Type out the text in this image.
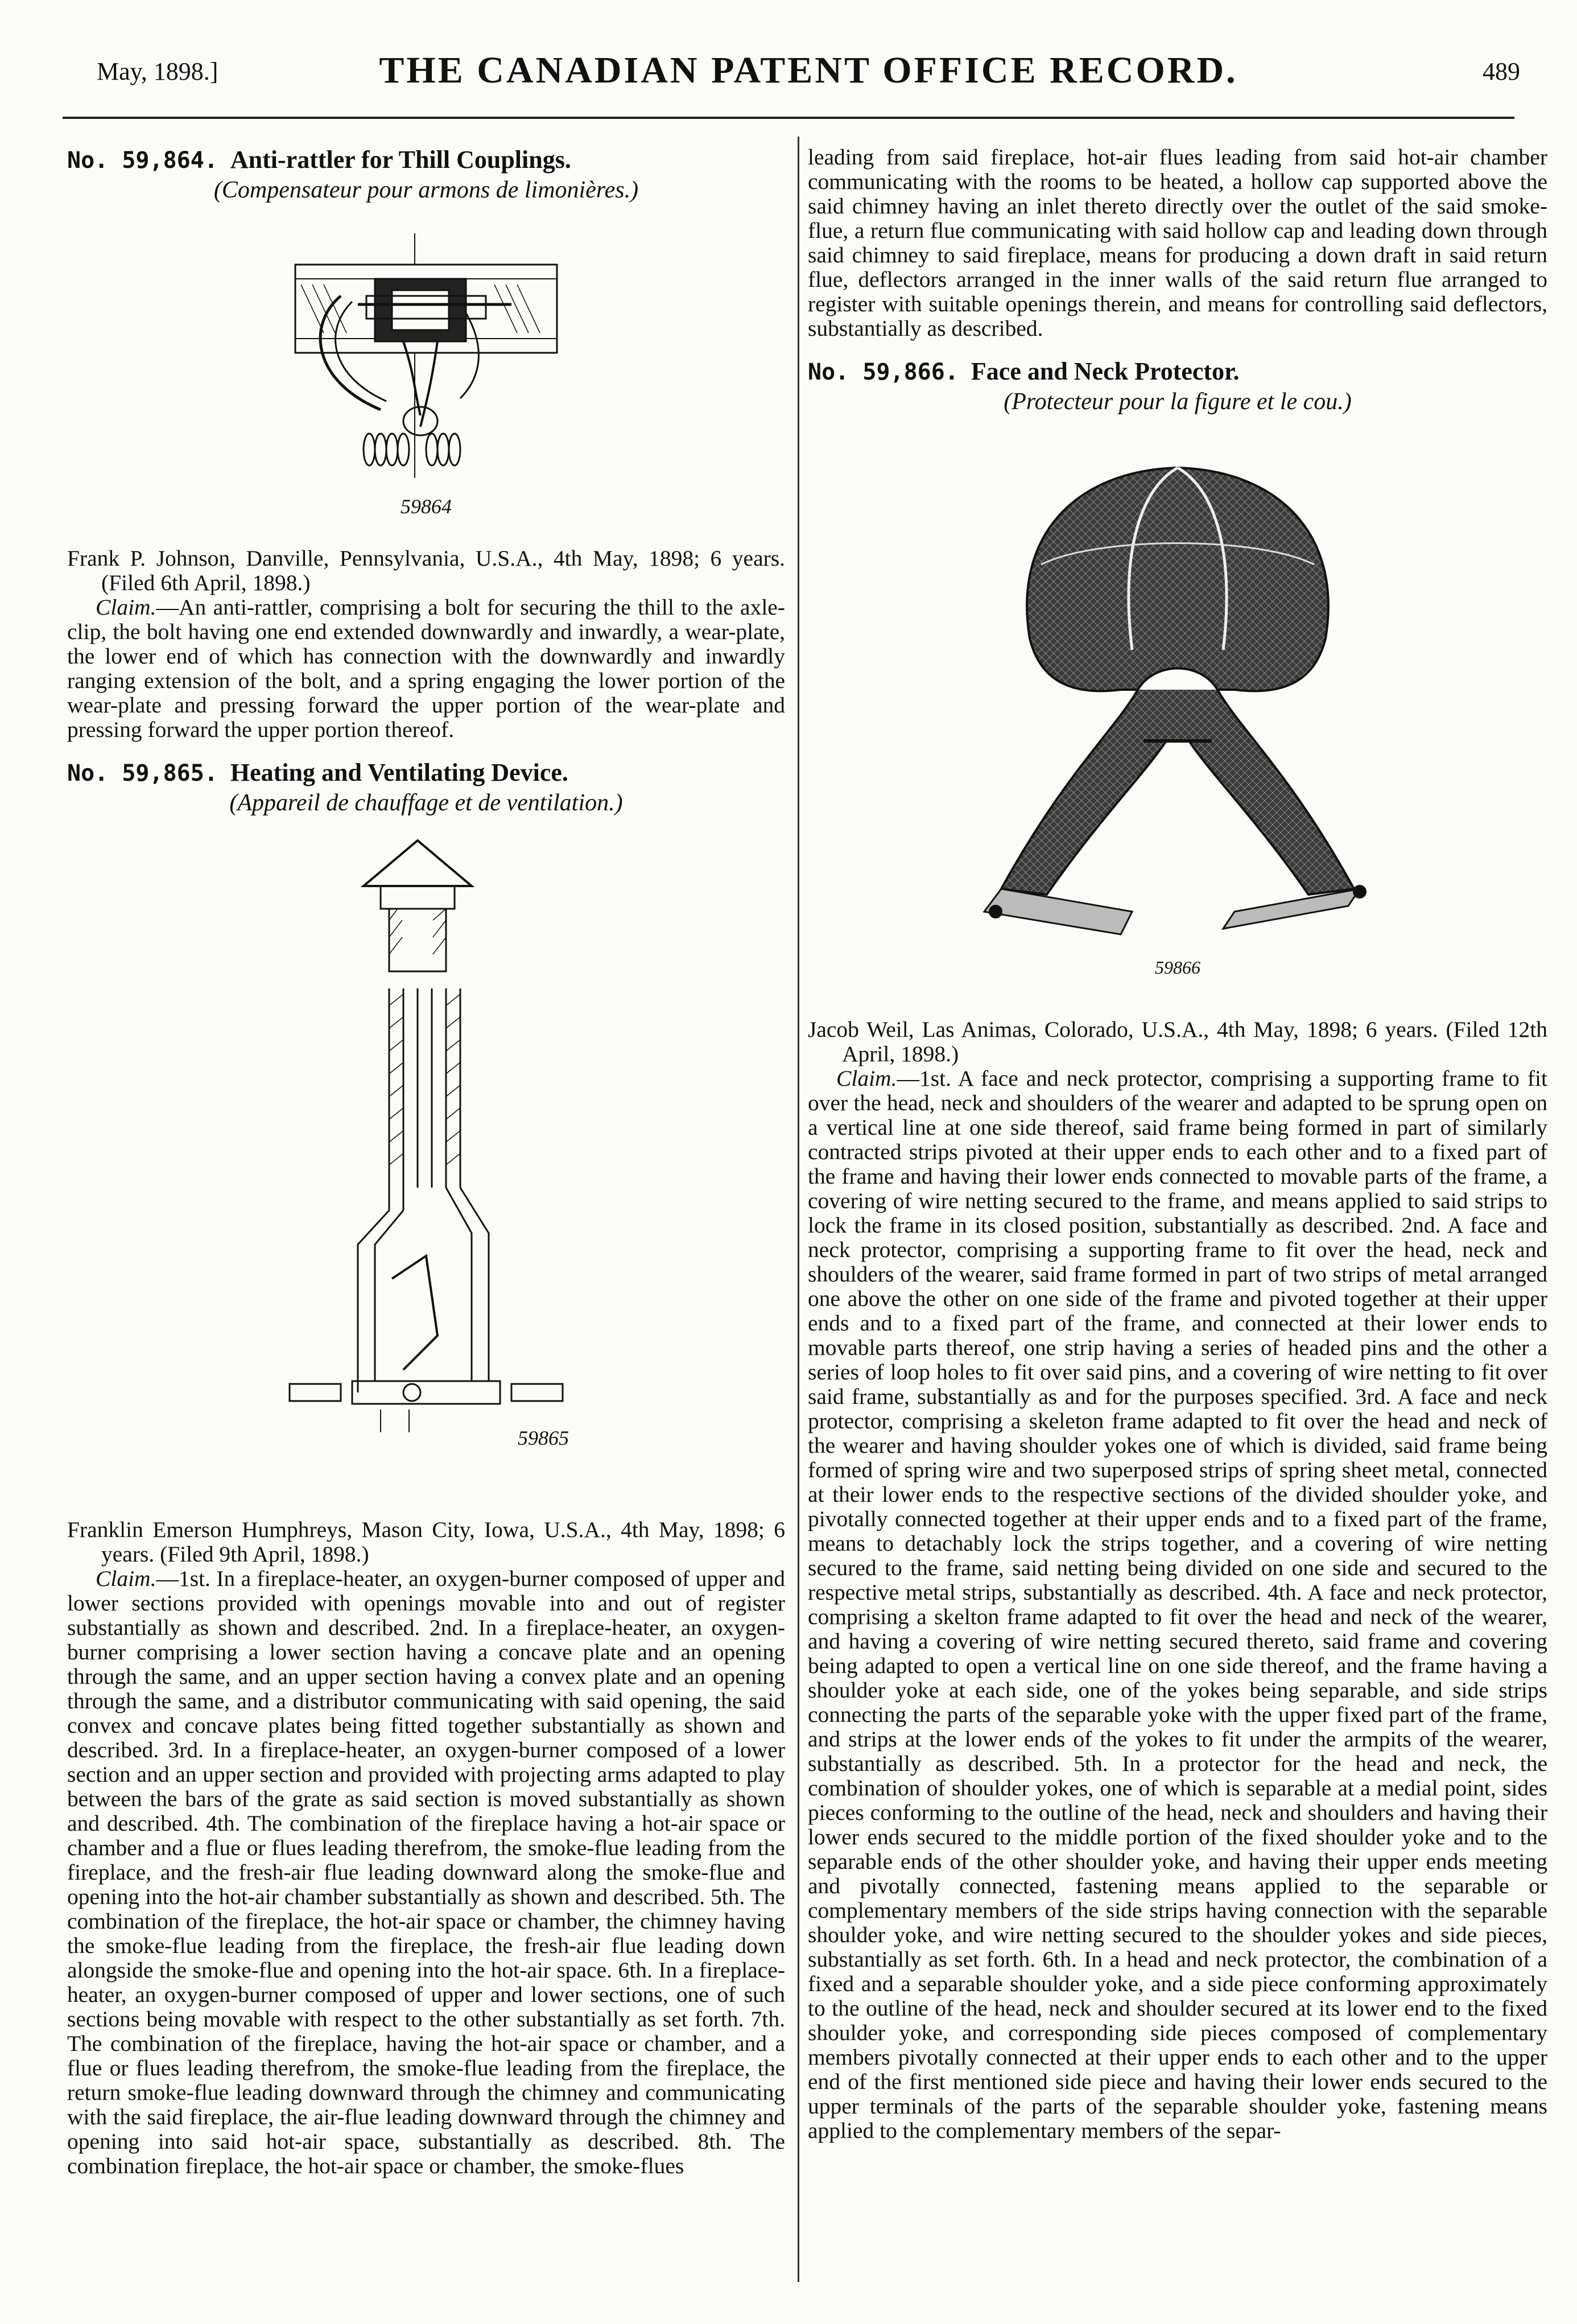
May, 1898.]	THE CANADIAN PATENT OFFICE RECORD.	489

No. 59,864. Anti-rattler for Thill Couplings.

(Compensateur pour armons de limonières.)

59864

Frank P. Johnson, Danville, Pennsylvania, U.S.A., 4th May, 1898; 6 years. (Filed 6th April, 1898.)

Claim.—An anti-rattler, comprising a bolt for securing the thill to the axle-clip, the bolt having one end extended downwardly and inwardly, a wear-plate, the lower end of which has connection with the downwardly and inwardly ranging extension of the bolt, and a spring engaging the lower portion of the wear-plate and pressing forward the upper portion of the wear-plate and pressing forward the upper portion thereof.

No. 59,865. Heating and Ventilating Device.

(Appareil de chauffage et de ventilation.)

59865

Franklin Emerson Humphreys, Mason City, Iowa, U.S.A., 4th May, 1898; 6 years. (Filed 9th April, 1898.)

Claim.—1st. In a fireplace-heater, an oxygen-burner composed of upper and lower sections provided with openings movable into and out of register substantially as shown and described. 2nd. In a fireplace-heater, an oxygen-burner comprising a lower section having a concave plate and an opening through the same, and an upper section having a convex plate and an opening through the same, and a distributor communicating with said opening, the said convex and concave plates being fitted together substantially as shown and described. 3rd. In a fireplace-heater, an oxygen-burner composed of a lower section and an upper section and provided with projecting arms adapted to play between the bars of the grate as said section is moved substantially as shown and described. 4th. The combination of the fireplace having a hot-air space or chamber and a flue or flues leading therefrom, the smoke-flue leading from the fireplace, and the fresh-air flue leading downward along the smoke-flue and opening into the hot-air chamber substantially as shown and described. 5th. The combination of the fireplace, the hot-air space or chamber, the chimney having the smoke-flue leading from the fireplace, the fresh-air flue leading down alongside the smoke-flue and opening into the hot-air space. 6th. In a fireplace-heater, an oxygen-burner composed of upper and lower sections, one of such sections being movable with respect to the other substantially as set forth. 7th. The combination of the fireplace, having the hot-air space or chamber, and a flue or flues leading therefrom, the smoke-flue leading from the fireplace, the return smoke-flue leading downward through the chimney and communicating with the said fireplace, the air-flue leading downward through the chimney and opening into said hot-air space, substantially as described. 8th. The combination fireplace, the hot-air space or chamber, the smoke-flues

leading from said fireplace, hot-air flues leading from said hot-air chamber communicating with the rooms to be heated, a hollow cap supported above the said chimney having an inlet thereto directly over the outlet of the said smoke-flue, a return flue communicating with said hollow cap and leading down through said chimney to said fireplace, means for producing a down draft in said return flue, deflectors arranged in the inner walls of the said return flue arranged to register with suitable openings therein, and means for controlling said deflectors, substantially as described.

No. 59,866. Face and Neck Protector.

(Protecteur pour la figure et le cou.)

59866

Jacob Weil, Las Animas, Colorado, U.S.A., 4th May, 1898; 6 years. (Filed 12th April, 1898.)

Claim.—1st. A face and neck protector, comprising a supporting frame to fit over the head, neck and shoulders of the wearer and adapted to be sprung open on a vertical line at one side thereof, said frame being formed in part of similarly contracted strips pivoted at their upper ends to each other and to a fixed part of the frame and having their lower ends connected to movable parts of the frame, a covering of wire netting secured to the frame, and means applied to said strips to lock the frame in its closed position, substantially as described. 2nd. A face and neck protector, comprising a supporting frame to fit over the head, neck and shoulders of the wearer, said frame formed in part of two strips of metal arranged one above the other on one side of the frame and pivoted together at their upper ends and to a fixed part of the frame, and connected at their lower ends to movable parts thereof, one strip having a series of headed pins and the other a series of loop holes to fit over said pins, and a covering of wire netting to fit over said frame, substantially as and for the purposes specified. 3rd. A face and neck protector, comprising a skeleton frame adapted to fit over the head and neck of the wearer and having shoulder yokes one of which is divided, said frame being formed of spring wire and two superposed strips of spring sheet metal, connected at their lower ends to the respective sections of the divided shoulder yoke, and pivotally connected together at their upper ends and to a fixed part of the frame, means to detachably lock the strips together, and a covering of wire netting secured to the frame, said netting being divided on one side and secured to the respective metal strips, substantially as described. 4th. A face and neck protector, comprising a skelton frame adapted to fit over the head and neck of the wearer, and having a covering of wire netting secured thereto, said frame and covering being adapted to open a vertical line on one side thereof, and the frame having a shoulder yoke at each side, one of the yokes being separable, and side strips connecting the parts of the separable yoke with the upper fixed part of the frame, and strips at the lower ends of the yokes to fit under the armpits of the wearer, substantially as described. 5th. In a protector for the head and neck, the combination of shoulder yokes, one of which is separable at a medial point, sides pieces conforming to the outline of the head, neck and shoulders and having their lower ends secured to the middle portion of the fixed shoulder yoke and to the separable ends of the other shoulder yoke, and having their upper ends meeting and pivotally connected, fastening means applied to the separable or complementary members of the side strips having connection with the separable shoulder yoke, and wire netting secured to the shoulder yokes and side pieces, substantially as set forth. 6th. In a head and neck protector, the combination of a fixed and a separable shoulder yoke, and a side piece conforming approximately to the outline of the head, neck and shoulder secured at its lower end to the fixed shoulder yoke, and corresponding side pieces composed of complementary members pivotally connected at their upper ends to each other and to the upper end of the first mentioned side piece and having their lower ends secured to the upper terminals of the parts of the separable shoulder yoke, fastening means applied to the complementary members of the separ-
